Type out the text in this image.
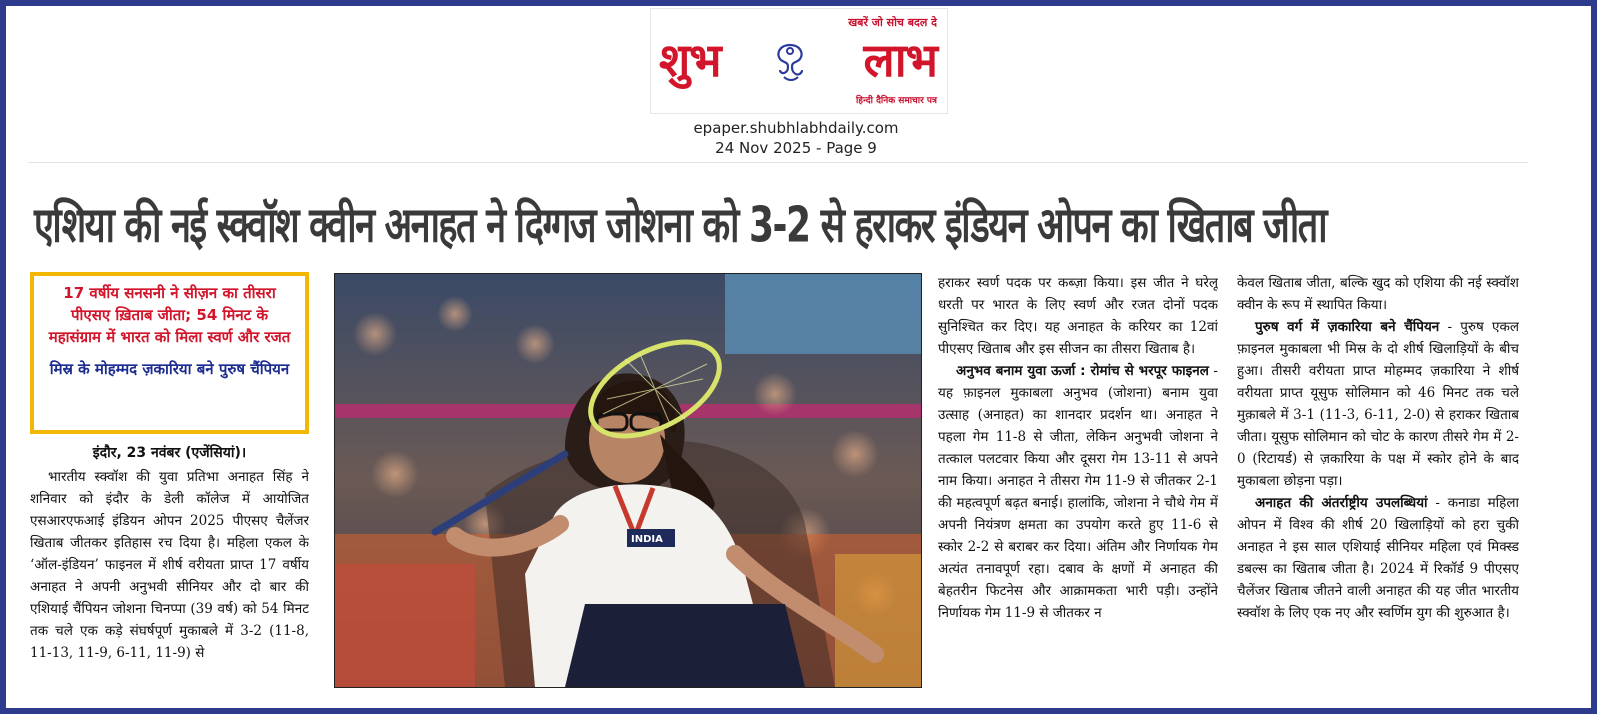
खबरें जो सोच बदल दे
शुभ	लाभ
हिन्दी दैनिक समाचार पत्र
epaper.shubhlabhdaily.com
24 Nov 2025 - Page 9
एशिया की नई स्क्वॉश क्वीन अनाहत ने दिग्गज जोशना को 3-2 से हराकर इंडियन ओपन का खिताब जीता
17 वर्षीय सनसनी ने सीज़न का तीसरा पीएसए ख़िताब जीता; 54 मिनट के महासंग्राम में भारत को मिला स्वर्ण और रजत
मिस्र के मोहम्मद ज़कारिया बने पुरुष चैंपियन
इंदौर, 23 नवंबर (एजेंसियां)।

भारतीय स्क्वॉश की युवा प्रतिभा अनाहत सिंह ने शनिवार को इंदौर के डेली कॉलेज में आयोजित एसआरएफआई इंडियन ओपन 2025 पीएसए चैलेंजर खिताब जीतकर इतिहास रच दिया है। महिला एकल के ‘ऑल-इंडियन’ फाइनल में शीर्ष वरीयता प्राप्त 17 वर्षीय अनाहत ने अपनी अनुभवी सीनियर और दो बार की एशियाई चैंपियन जोशना चिनप्पा (39 वर्ष) को 54 मिनट तक चले एक कड़े संघर्षपूर्ण मुकाबले में 3-2 (11-8, 11-13, 11-9, 6-11, 11-9) से

INDIA

हराकर स्वर्ण पदक पर कब्ज़ा किया। इस जीत ने घरेलू धरती पर भारत के लिए स्वर्ण और रजत दोनों पदक सुनिश्चित कर दिए। यह अनाहत के करियर का 12वां पीएसए खिताब और इस सीजन का तीसरा खिताब है।

अनुभव बनाम युवा ऊर्जा : रोमांच से भरपूर फाइनल - यह फ़ाइनल मुकाबला अनुभव (जोशना) बनाम युवा उत्साह (अनाहत) का शानदार प्रदर्शन था। अनाहत ने पहला गेम 11-8 से जीता, लेकिन अनुभवी जोशना ने तत्काल पलटवार किया और दूसरा गेम 13-11 से अपने नाम किया। अनाहत ने तीसरा गेम 11-9 से जीतकर 2-1 की महत्वपूर्ण बढ़त बनाई। हालांकि, जोशना ने चौथे गेम में अपनी नियंत्रण क्षमता का उपयोग करते हुए 11-6 से स्कोर 2-2 से बराबर कर दिया। अंतिम और निर्णायक गेम अत्यंत तनावपूर्ण रहा। दबाव के क्षणों में अनाहत की बेहतरीन फिटनेस और आक्रामकता भारी पड़ी। उन्होंने निर्णायक गेम 11-9 से जीतकर न

केवल खिताब जीता, बल्कि खुद को एशिया की नई स्क्वॉश क्वीन के रूप में स्थापित किया।

पुरुष वर्ग में ज़कारिया बने चैंपियन - पुरुष एकल फ़ाइनल मुकाबला भी मिस्र के दो शीर्ष खिलाड़ियों के बीच हुआ। तीसरी वरीयता प्राप्त मोहम्मद ज़कारिया ने शीर्ष वरीयता प्राप्त यूसुफ सोलिमान को 46 मिनट तक चले मुक़ाबले में 3-1 (11-3, 6-11, 2-0) से हराकर खिताब जीता। यूसुफ सोलिमान को चोट के कारण तीसरे गेम में 2-0 (रिटायर्ड) से ज़कारिया के पक्ष में स्कोर होने के बाद मुकाबला छोड़ना पड़ा।

अनाहत की अंतर्राष्ट्रीय उपलब्धियां - कनाडा महिला ओपन में विश्व की शीर्ष 20 खिलाड़ियों को हरा चुकी अनाहत ने इस साल एशियाई सीनियर महिला एवं मिक्स्ड डबल्स का खिताब जीता है। 2024 में रिकॉर्ड 9 पीएसए चैलेंजर खिताब जीतने वाली अनाहत की यह जीत भारतीय स्क्वॉश के लिए एक नए और स्वर्णिम युग की शुरुआत है।
